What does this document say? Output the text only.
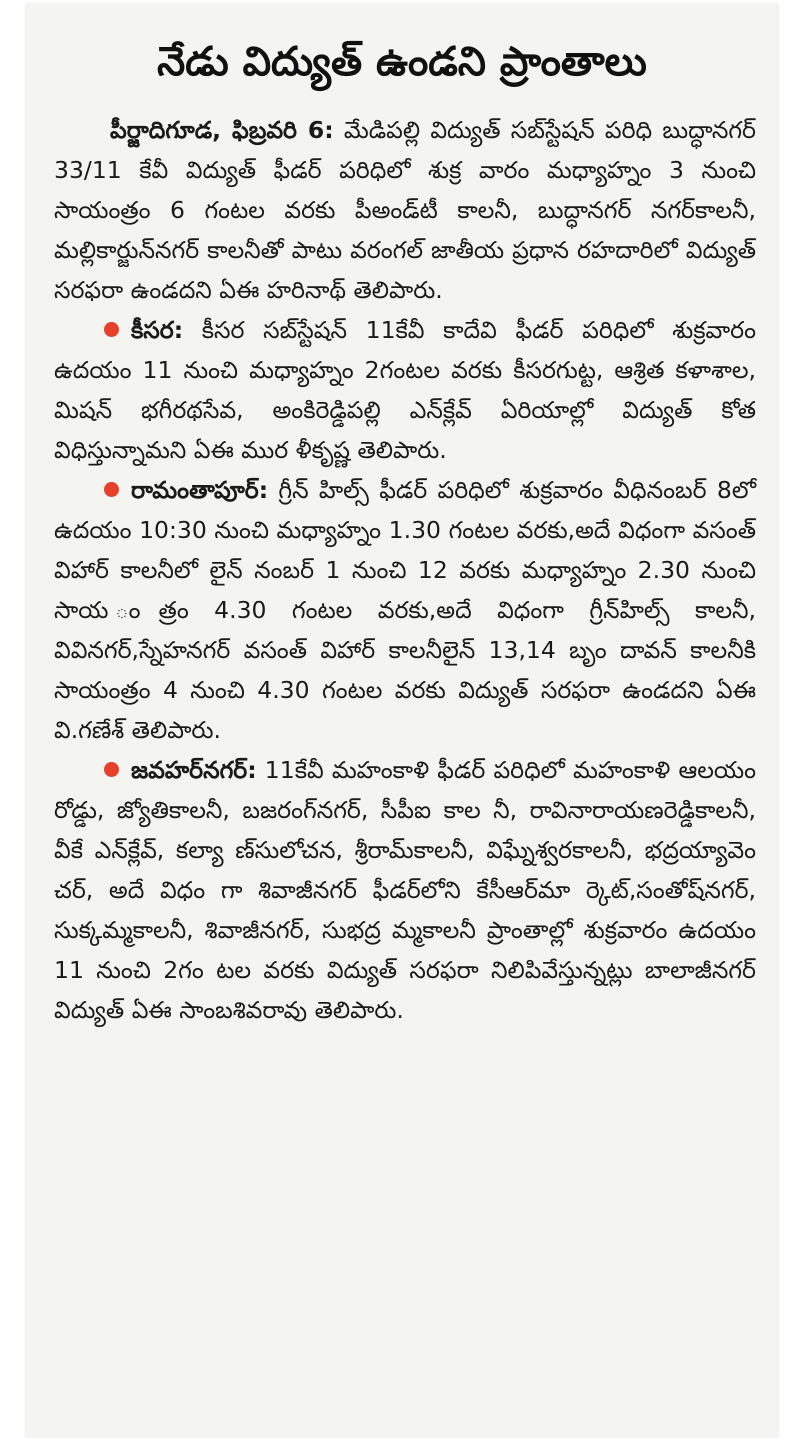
నేడు విద్యుత్‌ ఉండని ప్రాంతాలు

పీర్జాదిగూడ, ఫిబ్రవరి 6: మేడిపల్లి విద్యుత్‌ సబ్‌స్టేషన్‌ పరిధి బుద్ధానగర్‌ 33/11 కేవీ విద్యుత్‌ ఫీడర్‌ పరిధిలో శుక్ర వారం మధ్యాహ్నం 3 నుంచి సాయంత్రం 6 గంటల వరకు పీఅండ్‌టీ కాలనీ, బుద్ధానగర్‌ నగర్‌కాలనీ, మల్లికార్జున్‌నగర్‌ కాలనీతో పాటు వరంగల్‌ జాతీయ ప్రధాన రహదారిలో విద్యుత్‌ సరఫరా ఉండదని ఏఈ హరినాథ్‌ తెలిపారు.

కీసర: కీసర సబ్‌స్టేషన్‌ 11కేవీ కాదేవి ఫీడర్‌ పరిధిలో శుక్రవారం ఉదయం 11 నుంచి మధ్యాహ్నం 2గంటల వరకు కీసరగుట్ట, ఆశ్రిత కళాశాల, మిషన్‌ భగీరథసేవ, అంకిరెడ్డిపల్లి ఎన్‌క్లేవ్‌ ఏరియాల్లో విద్యుత్‌ కోత విధిస్తున్నామని ఏఈ ముర ళీకృష్ణ తెలిపారు.

రామంతాపూర్‌: గ్రీన్‌ హిల్స్‌ ఫీడర్‌ పరిధిలో శుక్రవారం వీధినంబర్‌ 8లో ఉదయం 10:30 నుంచి మధ్యాహ్నం 1.30 గంటల వరకు,అదే విధంగా వసంత్‌ విహార్‌ కాలనీలో లైన్‌ నంబర్‌ 1 నుంచి 12 వరకు మధ్యాహ్నం 2.30 నుంచి సాయ ంత్రం 4.30 గంటల వరకు,అదే విధంగా గ్రీన్‌హిల్స్‌ కాలనీ, వివినగర్‌,స్నేహనగర్‌ వసంత్‌ విహార్‌ కాలనీలైన్‌ 13,14 బృం దావన్‌ కాలనీకి సాయంత్రం 4 నుంచి 4.30 గంటల వరకు విద్యుత్‌ సరఫరా ఉండదని ఏఈ వి.గణేశ్‌ తెలిపారు.

జవహర్‌నగర్‌: 11కేవీ మహంకాళి ఫీడర్‌ పరిధిలో మహంకాళి ఆలయం రోడ్డు, జ్యోతికాలనీ, బజరంగ్‌నగర్‌, సీపీఐ కాల నీ, రావినారాయణరెడ్డికాలనీ, వీకే ఎన్‌క్లేవ్‌, కల్యా ణ్‌సులోచన, శ్రీరామ్‌కాలనీ, విఘ్నేశ్వరకాలనీ, భద్రయ్యావెం చర్‌, అదే విధం గా శివాజీనగర్‌ ఫీడర్‌లోని కేసీఆర్‌మా ర్కెట్‌,సంతోష్‌నగర్‌, సుక్కమ్మకాలనీ, శివాజీనగర్‌, సుభద్ర మ్మకాలనీ ప్రాంతాల్లో శుక్రవారం ఉదయం 11 నుంచి 2గం టల వరకు విద్యుత్‌ సరఫరా నిలిపివేస్తున్నట్లు బాలాజీనగర్‌ విద్యుత్‌ ఏఈ సాంబశివరావు తెలిపారు.
